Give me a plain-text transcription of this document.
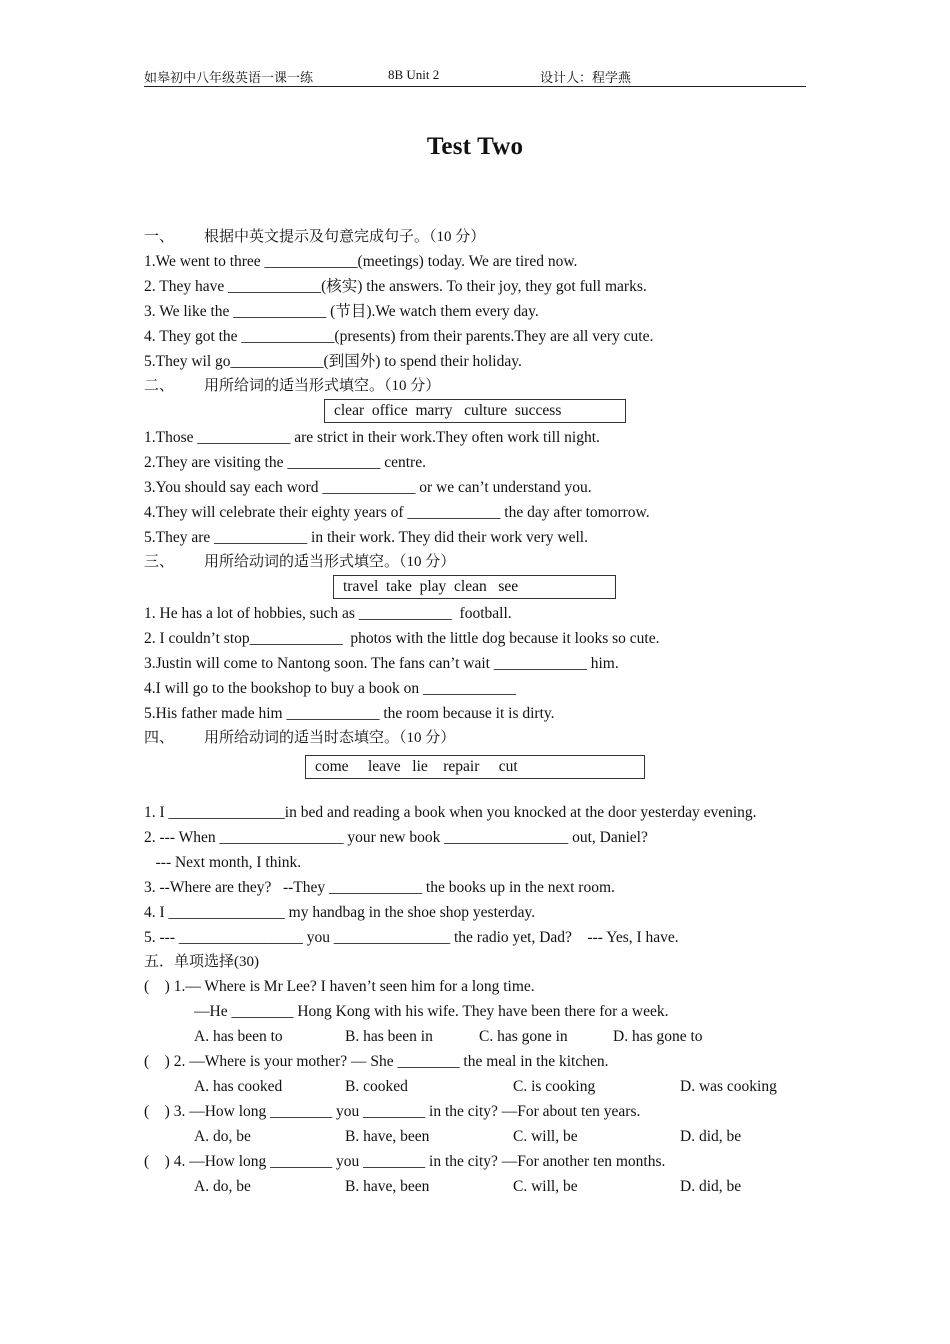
如皋初中八年级英语一课一练	8B Unit 2	设计人：程学燕
Test Two
一、        根据中英文提示及句意完成句子。（10 分）
1.We went to three ____________(meetings) today. We are tired now.
2. They have ____________(核实) the answers. To their joy, they got full marks.
3. We like the ____________ (节目).We watch them every day.
4. They got the ____________(presents) from their parents.They are all very cute.
5.They wil go____________(到国外) to spend their holiday.
二、        用所给词的适当形式填空。（10 分）
clear  office  marry   culture  success
1.Those ____________ are strict in their work.They often work till night.
2.They are visiting the ____________ centre.
3.You should say each word ____________ or we can’t understand you.
4.They will celebrate their eighty years of ____________ the day after tomorrow.
5.They are ____________ in their work. They did their work very well.
三、        用所给动词的适当形式填空。（10 分）
travel  take  play  clean   see
1. He has a lot of hobbies, such as ____________  football.
2. I couldn’t stop____________  photos with the little dog because it looks so cute.
3.Justin will come to Nantong soon. The fans can’t wait ____________ him.
4.I will go to the bookshop to buy a book on ____________
5.His father made him ____________ the room because it is dirty.
四、        用所给动词的适当时态填空。（10 分）
come     leave   lie    repair     cut
1. I _______________in bed and reading a book when you knocked at the door yesterday evening.
2. --- When ________________ your new book ________________ out, Daniel?
--- Next month, I think.
3. --Where are they?   --They ____________ the books up in the next room.
4. I _______________ my handbag in the shoe shop yesterday.
5. --- ________________ you _______________ the radio yet, Dad?    --- Yes, I have.
五．单项选择(30)
(    ) 1.— Where is Mr Lee? I haven’t seen him for a long time.
—He ________ Hong Kong with his wife. They have been there for a week.
A. has been to	B. has been in	C. has gone in	D. has gone to
(    ) 2. —Where is your mother? — She ________ the meal in the kitchen.
A. has cooked	B. cooked	C. is cooking	D. was cooking
(    ) 3. —How long ________ you ________ in the city? —For about ten years.
A. do, be	B. have, been	C. will, be	D. did, be
(    ) 4. —How long ________ you ________ in the city? —For another ten months.
A. do, be	B. have, been	C. will, be	D. did, be
